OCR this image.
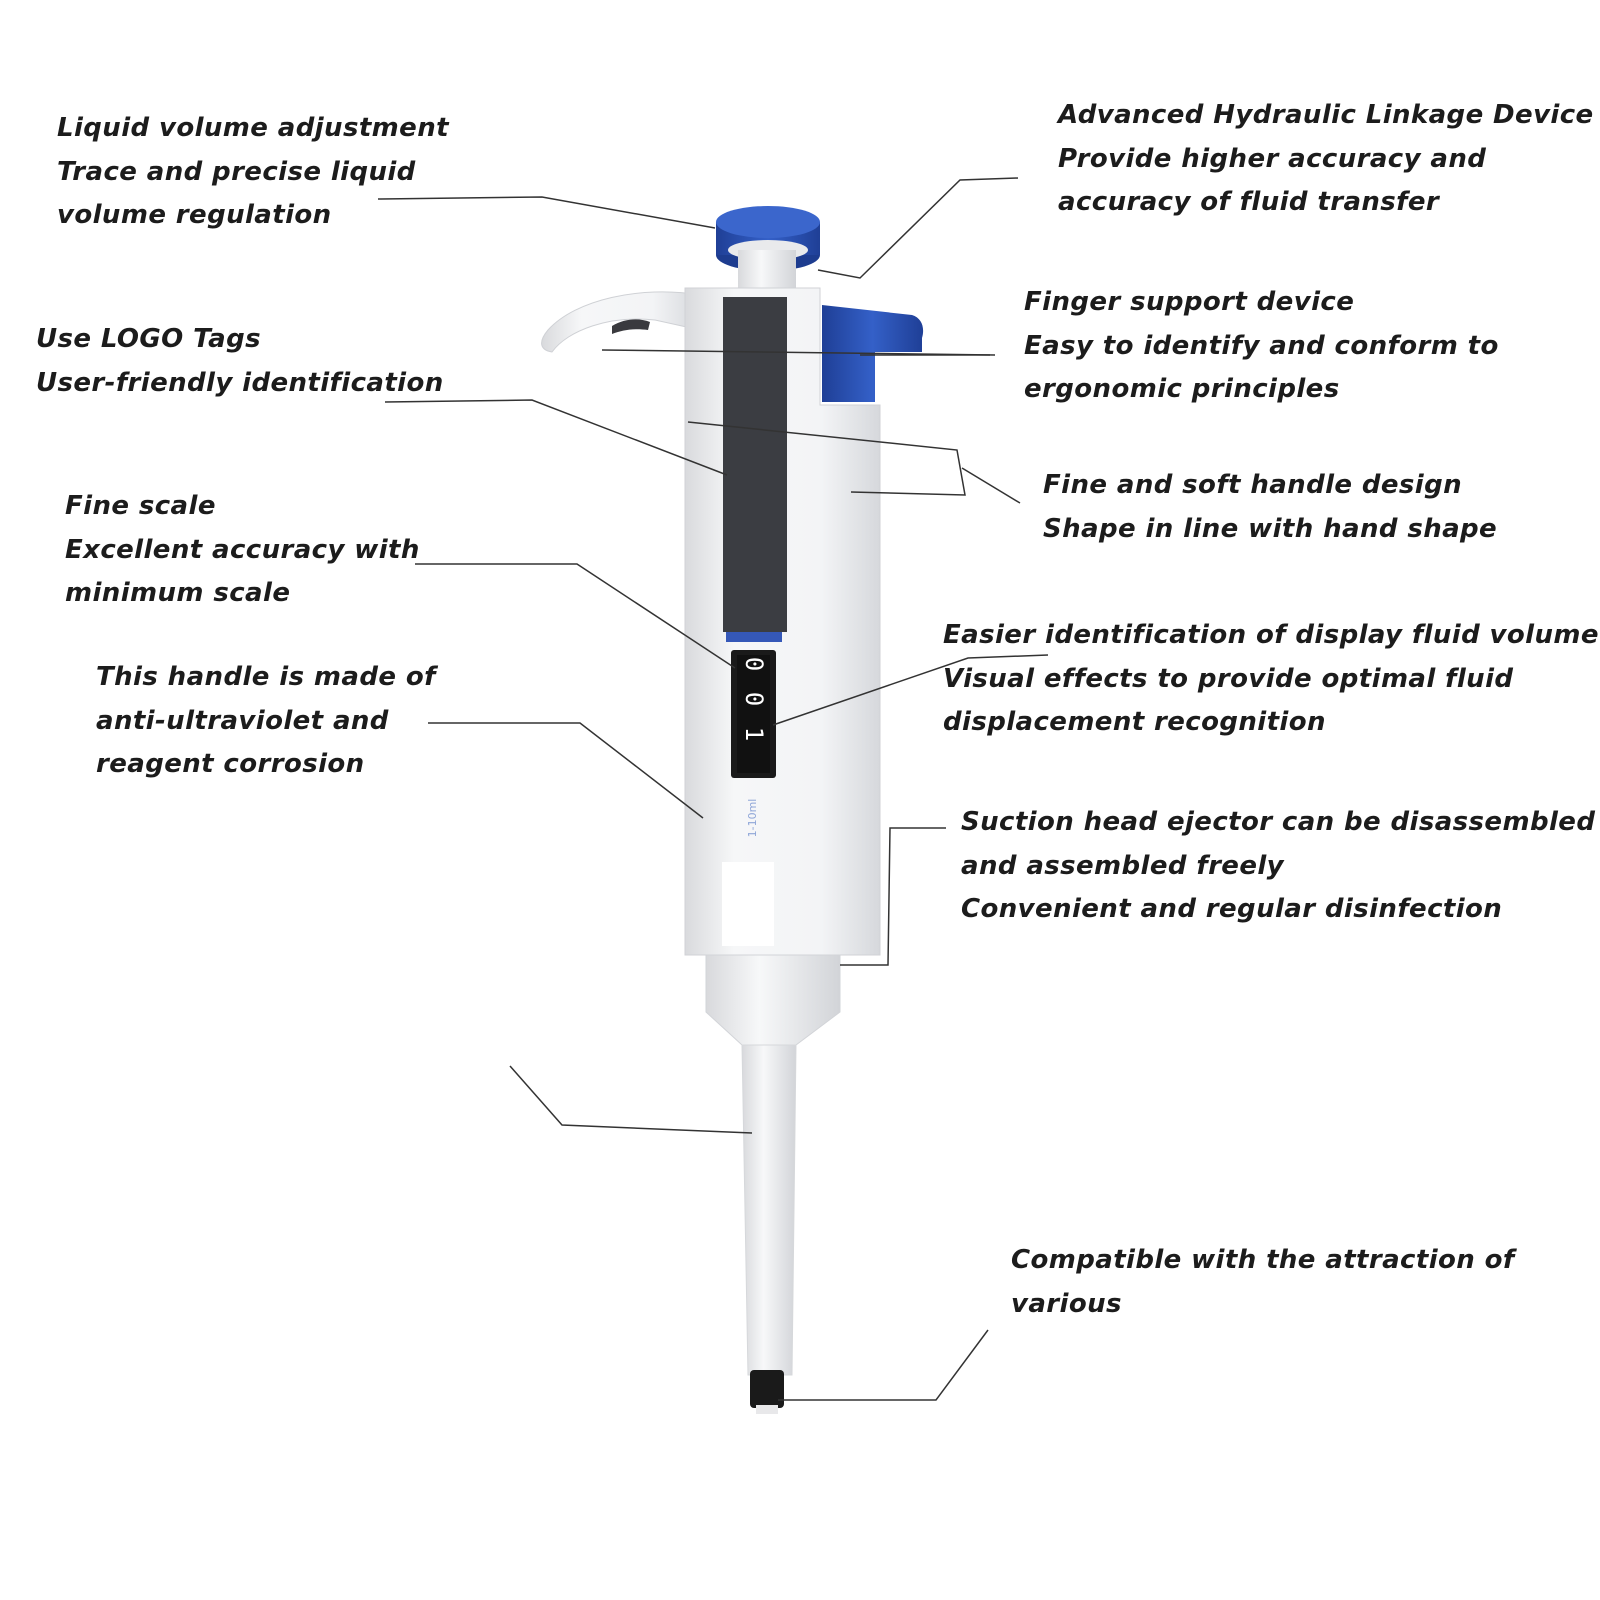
0
0
1
1-10ml
Liquid volume adjustment
Trace and precise liquid
volume regulation
Advanced Hydraulic Linkage Device
Provide higher accuracy and
accuracy of fluid transfer
Use LOGO Tags
User-friendly identification
Finger support device
Easy to identify and conform to
ergonomic principles
Fine and soft handle design
Shape in line with hand shape
Fine scale
Excellent accuracy with
minimum scale
Easier identification of display fluid volume
Visual effects to provide optimal fluid
displacement recognition
This handle is made of
anti-ultraviolet and
reagent corrosion
Suction head ejector can be disassembled
and assembled freely
Convenient and regular disinfection
Compatible with the attraction of
various
